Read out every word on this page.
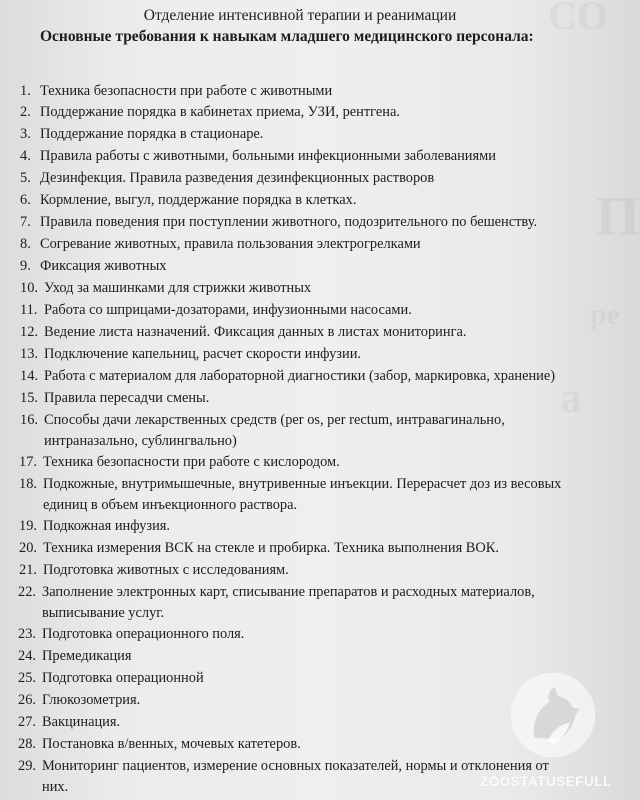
Отделение интенсивной терапии и реанимации
Основные требования к навыкам младшего медицинского персонала:
1. Техника безопасности при работе с животными
2. Поддержание порядка в кабинетах приема, УЗИ, рентгена.
3. Поддержание порядка в стационаре.
4. Правила работы с животными, больными инфекционными заболеваниями
5. Дезинфекция. Правила разведения дезинфекционных растворов
6. Кормление, выгул, поддержание порядка в клетках.
7. Правила поведения при поступлении животного, подозрительного по бешенству.
8. Согревание животных, правила пользования электрогрелками
9. Фиксация животных
10. Уход за машинками для стрижки животных
11. Работа со шприцами-дозаторами, инфузионными насосами.
12. Ведение листа назначений. Фиксация данных в листах мониторинга.
13. Подключение капельниц, расчет скорости инфузии.
14. Работа с материалом для лабораторной диагностики (забор, маркировка, хранение)
15. Правила пересадчи смены.
16. Способы дачи лекарственных средств (per os, per rectum, интравагинально,
интраназально, сублингвально)
17. Техника безопасности при работе с кислородом.
18. Подкожные, внутримышечные, внутривенные инъекции. Перерасчет доз из весовых
единиц в объем инъекционного раствора.
19. Подкожная инфузия.
20. Техника измерения ВСК на стекле и пробирка. Техника выполнения ВОК.
21. Подготовка животных с исследованиям.
22. Заполнение электронных карт, списывание препаратов и расходных материалов,
выписывание услуг.
23. Подготовка операционного поля.
24. Премедикация
25. Подготовка операционной
26. Глюкозометрия.
27. Вакцинация.
28. Постановка в/венных, мочевых катетеров.
29. Мониторинг пациентов, измерение основных показателей, нормы и отклонения от
них.	ZOOSTATUSEFULL
